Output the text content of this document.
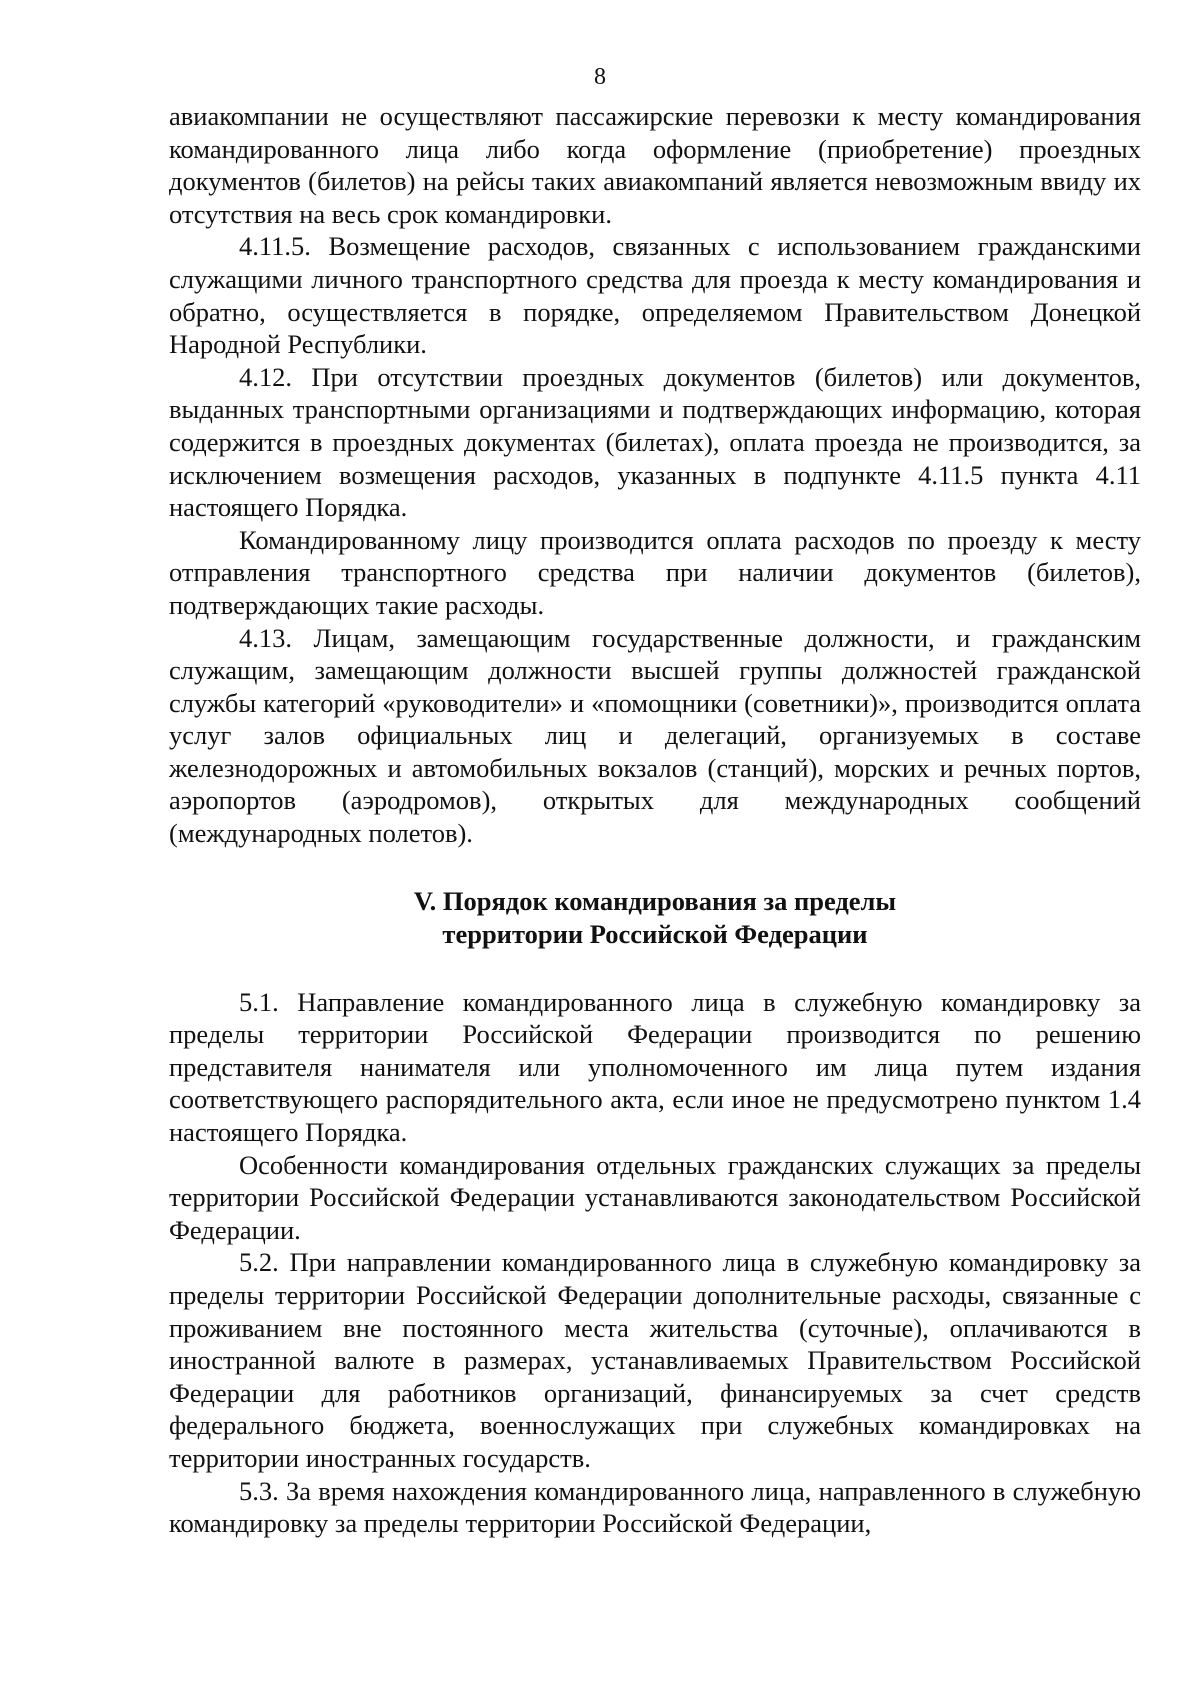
8

авиакомпании не осуществляют пассажирские перевозки к месту командирования командированного лица либо когда оформление (приобретение) проездных документов (билетов) на рейсы таких авиакомпаний является невозможным ввиду их отсутствия на весь срок командировки.

4.11.5. Возмещение расходов, связанных с использованием гражданскими служащими личного транспортного средства для проезда к месту командирования и обратно, осуществляется в порядке, определяемом Правительством Донецкой Народной Республики.

4.12. При отсутствии проездных документов (билетов) или документов, выданных транспортными организациями и подтверждающих информацию, которая содержится в проездных документах (билетах), оплата проезда не производится, за исключением возмещения расходов, указанных в подпункте 4.11.5 пункта 4.11 настоящего Порядка.

Командированному лицу производится оплата расходов по проезду к месту отправления транспортного средства при наличии документов (билетов), подтверждающих такие расходы.

4.13. Лицам, замещающим государственные должности, и гражданским служащим, замещающим должности высшей группы должностей гражданской службы категорий «руководители» и «помощники (советники)», производится оплата услуг залов официальных лиц и делегаций, организуемых в составе железнодорожных и автомобильных вокзалов (станций), морских и речных портов, аэропортов (аэродромов), открытых для международных сообщений (международных полетов).

V. Порядок командирования за пределы
территории Российской Федерации

5.1. Направление командированного лица в служебную командировку за пределы территории Российской Федерации производится по решению представителя нанимателя или уполномоченного им лица путем издания соответствующего распорядительного акта, если иное не предусмотрено пунктом 1.4 настоящего Порядка.

Особенности командирования отдельных гражданских служащих за пределы территории Российской Федерации устанавливаются законодательством Российской Федерации.

5.2. При направлении командированного лица в служебную командировку за пределы территории Российской Федерации дополнительные расходы, связанные с проживанием вне постоянного места жительства (суточные), оплачиваются в иностранной валюте в размерах, устанавливаемых Правительством Российской Федерации для работников организаций, финансируемых за счет средств федерального бюджета, военнослужащих при служебных командировках на территории иностранных государств.

5.3. За время нахождения командированного лица, направленного в служебную командировку за пределы территории Российской Федерации,
